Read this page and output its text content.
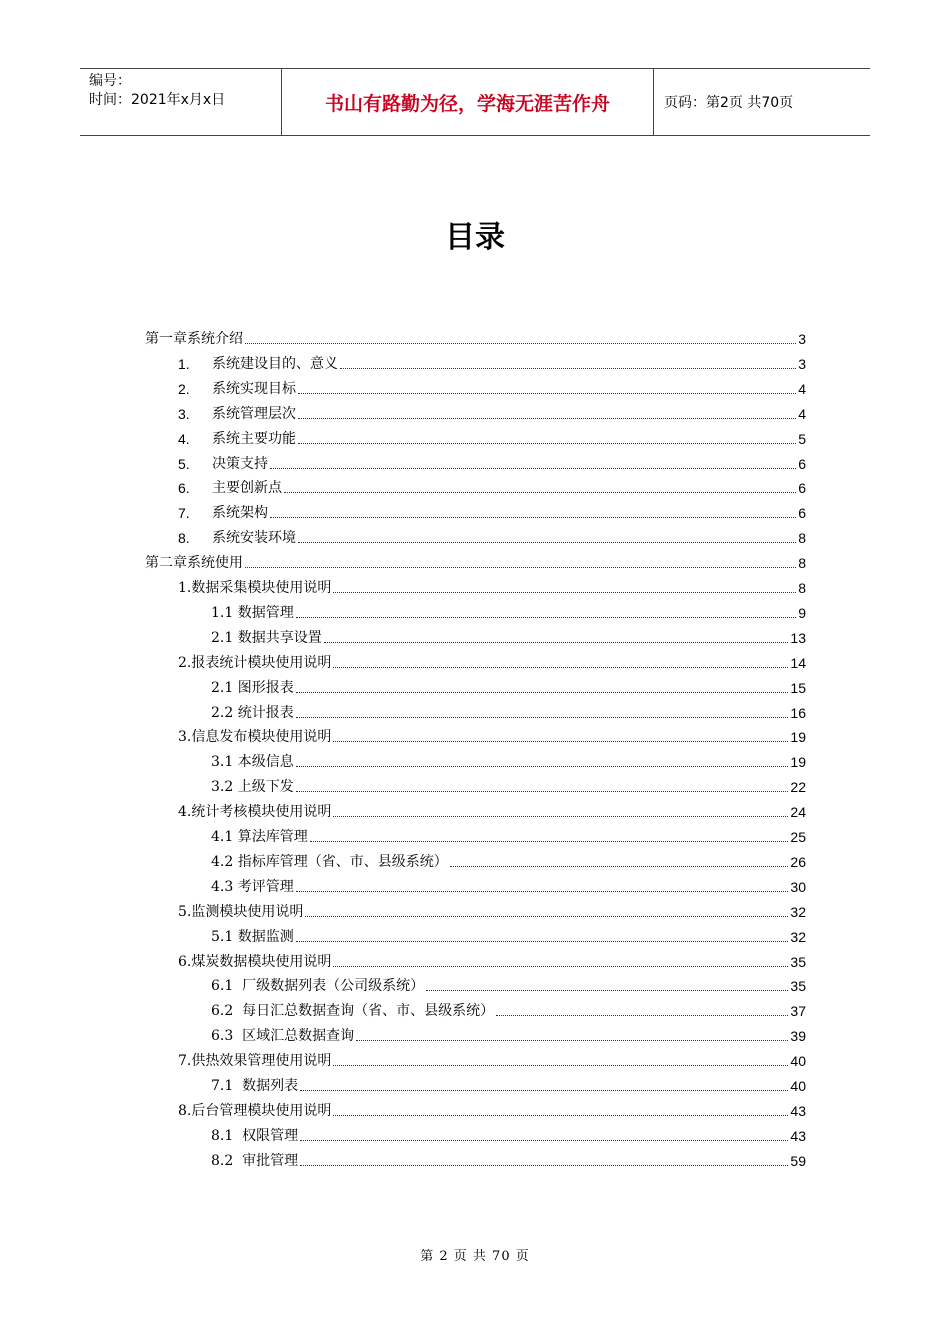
编号：
时间：2021年x月x日	书山有路勤为径，学海无涯苦作舟	页码：第2页 共70页
目录
第一章系统介绍	3
1.	系统建设目的、意义	3
2.	系统实现目标	4
3.	系统管理层次	4
4.	系统主要功能	5
5.	决策支持	6
6.	主要创新点	6
7.	系统架构	6
8.	系统安装环境	8
第二章系统使用	8
1.数据采集模块使用说明	8
1.1 数据管理	9
2.1 数据共享设置	13
2.报表统计模块使用说明	14
2.1 图形报表	15
2.2 统计报表	16
3.信息发布模块使用说明	19
3.1 本级信息	19
3.2 上级下发	22
4.统计考核模块使用说明	24
4.1 算法库管理	25
4.2 指标库管理（省、市、县级系统）	26
4.3 考评管理	30
5.监测模块使用说明	32
5.1 数据监测	32
6.煤炭数据模块使用说明	35
6.1  厂级数据列表（公司级系统）	35
6.2  每日汇总数据查询（省、市、县级系统）	37
6.3  区域汇总数据查询	39
7.供热效果管理使用说明	40
7.1  数据列表	40
8.后台管理模块使用说明	43
8.1  权限管理	43
8.2  审批管理	59
第 2 页 共 70 页
